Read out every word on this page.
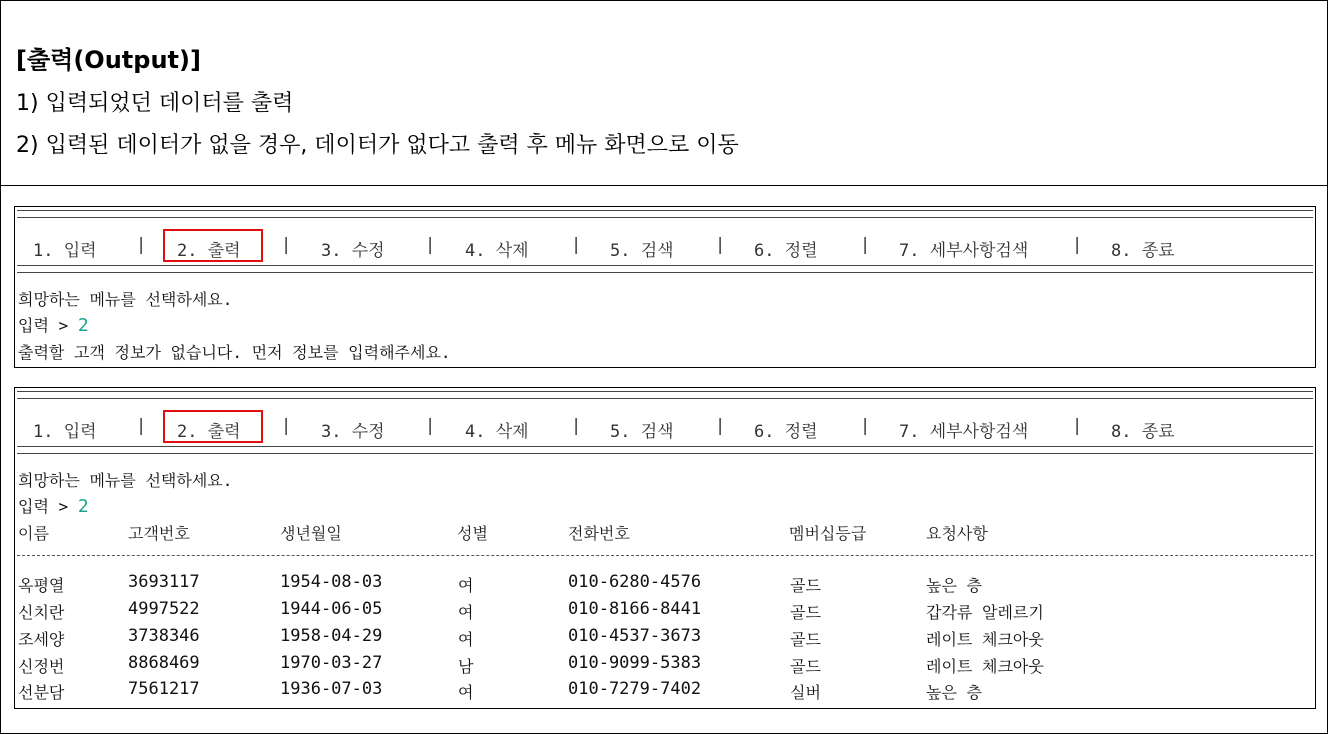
[출력(Output)]
1) 입력되었던 데이터를 출력
2) 입력된 데이터가 없을 경우, 데이터가 없다고 출력 후 메뉴 화면으로 이동
1. 입력 | 2. 출력 | 3. 수정 | 4. 삭제 | 5. 검색 | 6. 정렬 | 7. 세부사항검색	| 8. 종료
희망하는 메뉴를 선택하세요.
입력 > 2
출력할 고객 정보가 없습니다. 먼저 정보를 입력해주세요.
1. 입력 | 2. 출력 | 3. 수정 | 4. 삭제 | 5. 검색 | 6. 정렬 | 7. 세부사항검색	| 8. 종료
희망하는 메뉴를 선택하세요.
입력 > 2
이름	고객번호	생년월일	성별	전화번호	멤버십등급	요청사항
옥평열	3693117	1954-08-03	여	010-6280-4576	골드	높은 층
신치란	4997522	1944-06-05	여	010-8166-8441	골드	갑각류 알레르기
조세양	3738346	1958-04-29	여	010-4537-3673	골드	레이트 체크아웃
신정번	8868469	1970-03-27	남	010-9099-5383	골드	레이트 체크아웃
선분담	7561217	1936-07-03	여	010-7279-7402	실버	높은 층
